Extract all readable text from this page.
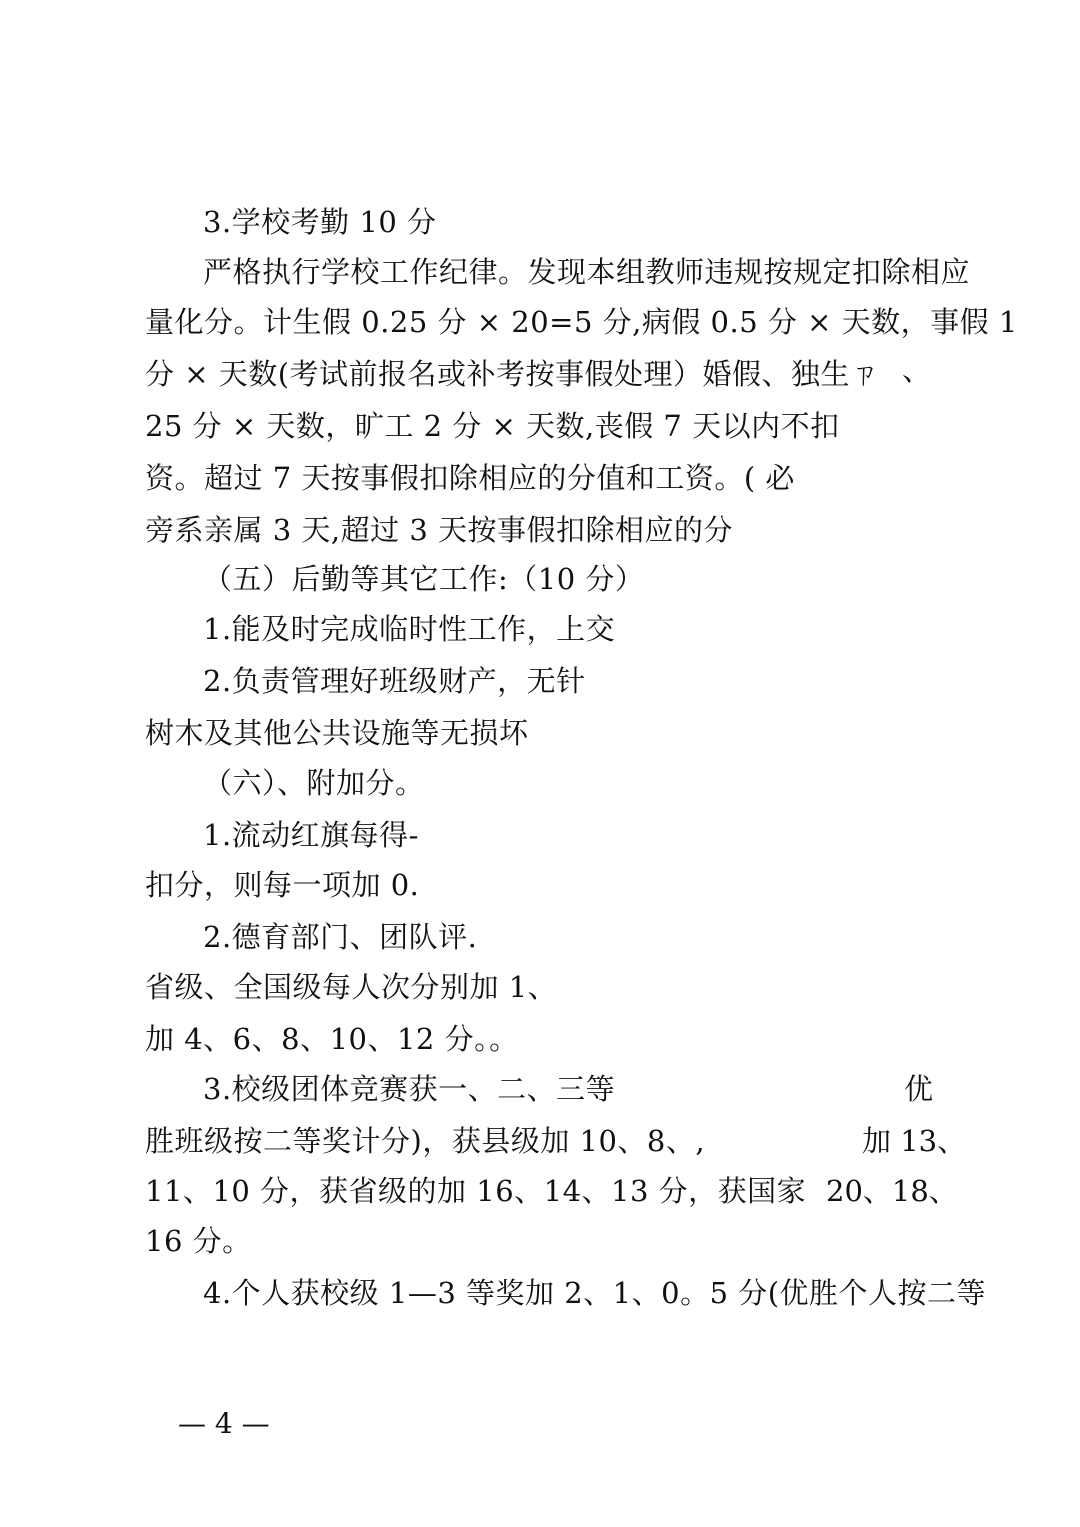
3.学校考勤 10 分
严格执行学校工作纪律。发现本组教师违规按规定扣除相应
量化分。计生假 0.25 分 × 20=5 分,病假 0.5 分 × 天数，事假 1
分 × 天数(考试前报名或补考按事假处理）婚假、独生ㄗ 、
25 分 × 天数，旷工 2 分 × 天数,丧假 7 天以内不扣
资。超过 7 天按事假扣除相应的分值和工资。( 必
旁系亲属 3 天,超过 3 天按事假扣除相应的分
（五）后勤等其它工作:（10 分）
1.能及时完成临时性工作，上交
2.负责管理好班级财产，无针
树木及其他公共设施等无损坏
（六）、附加分。
1.流动红旗每得-
扣分，则每一项加 0.
2.德育部门、团队评.
省级、全国级每人次分别加 1、
加 4、6、8、10、12 分。。
3.校级团体竞赛获一、二、三等	优
胜班级按二等奖计分)，获县级加 10、8、,	加 13、
11、10 分，获省级的加 16、14、13 分，获国家 20、18、
16 分。
4.个人获校级 1—3 等奖加 2、1、0。5 分(优胜个人按二等
— 4 —
